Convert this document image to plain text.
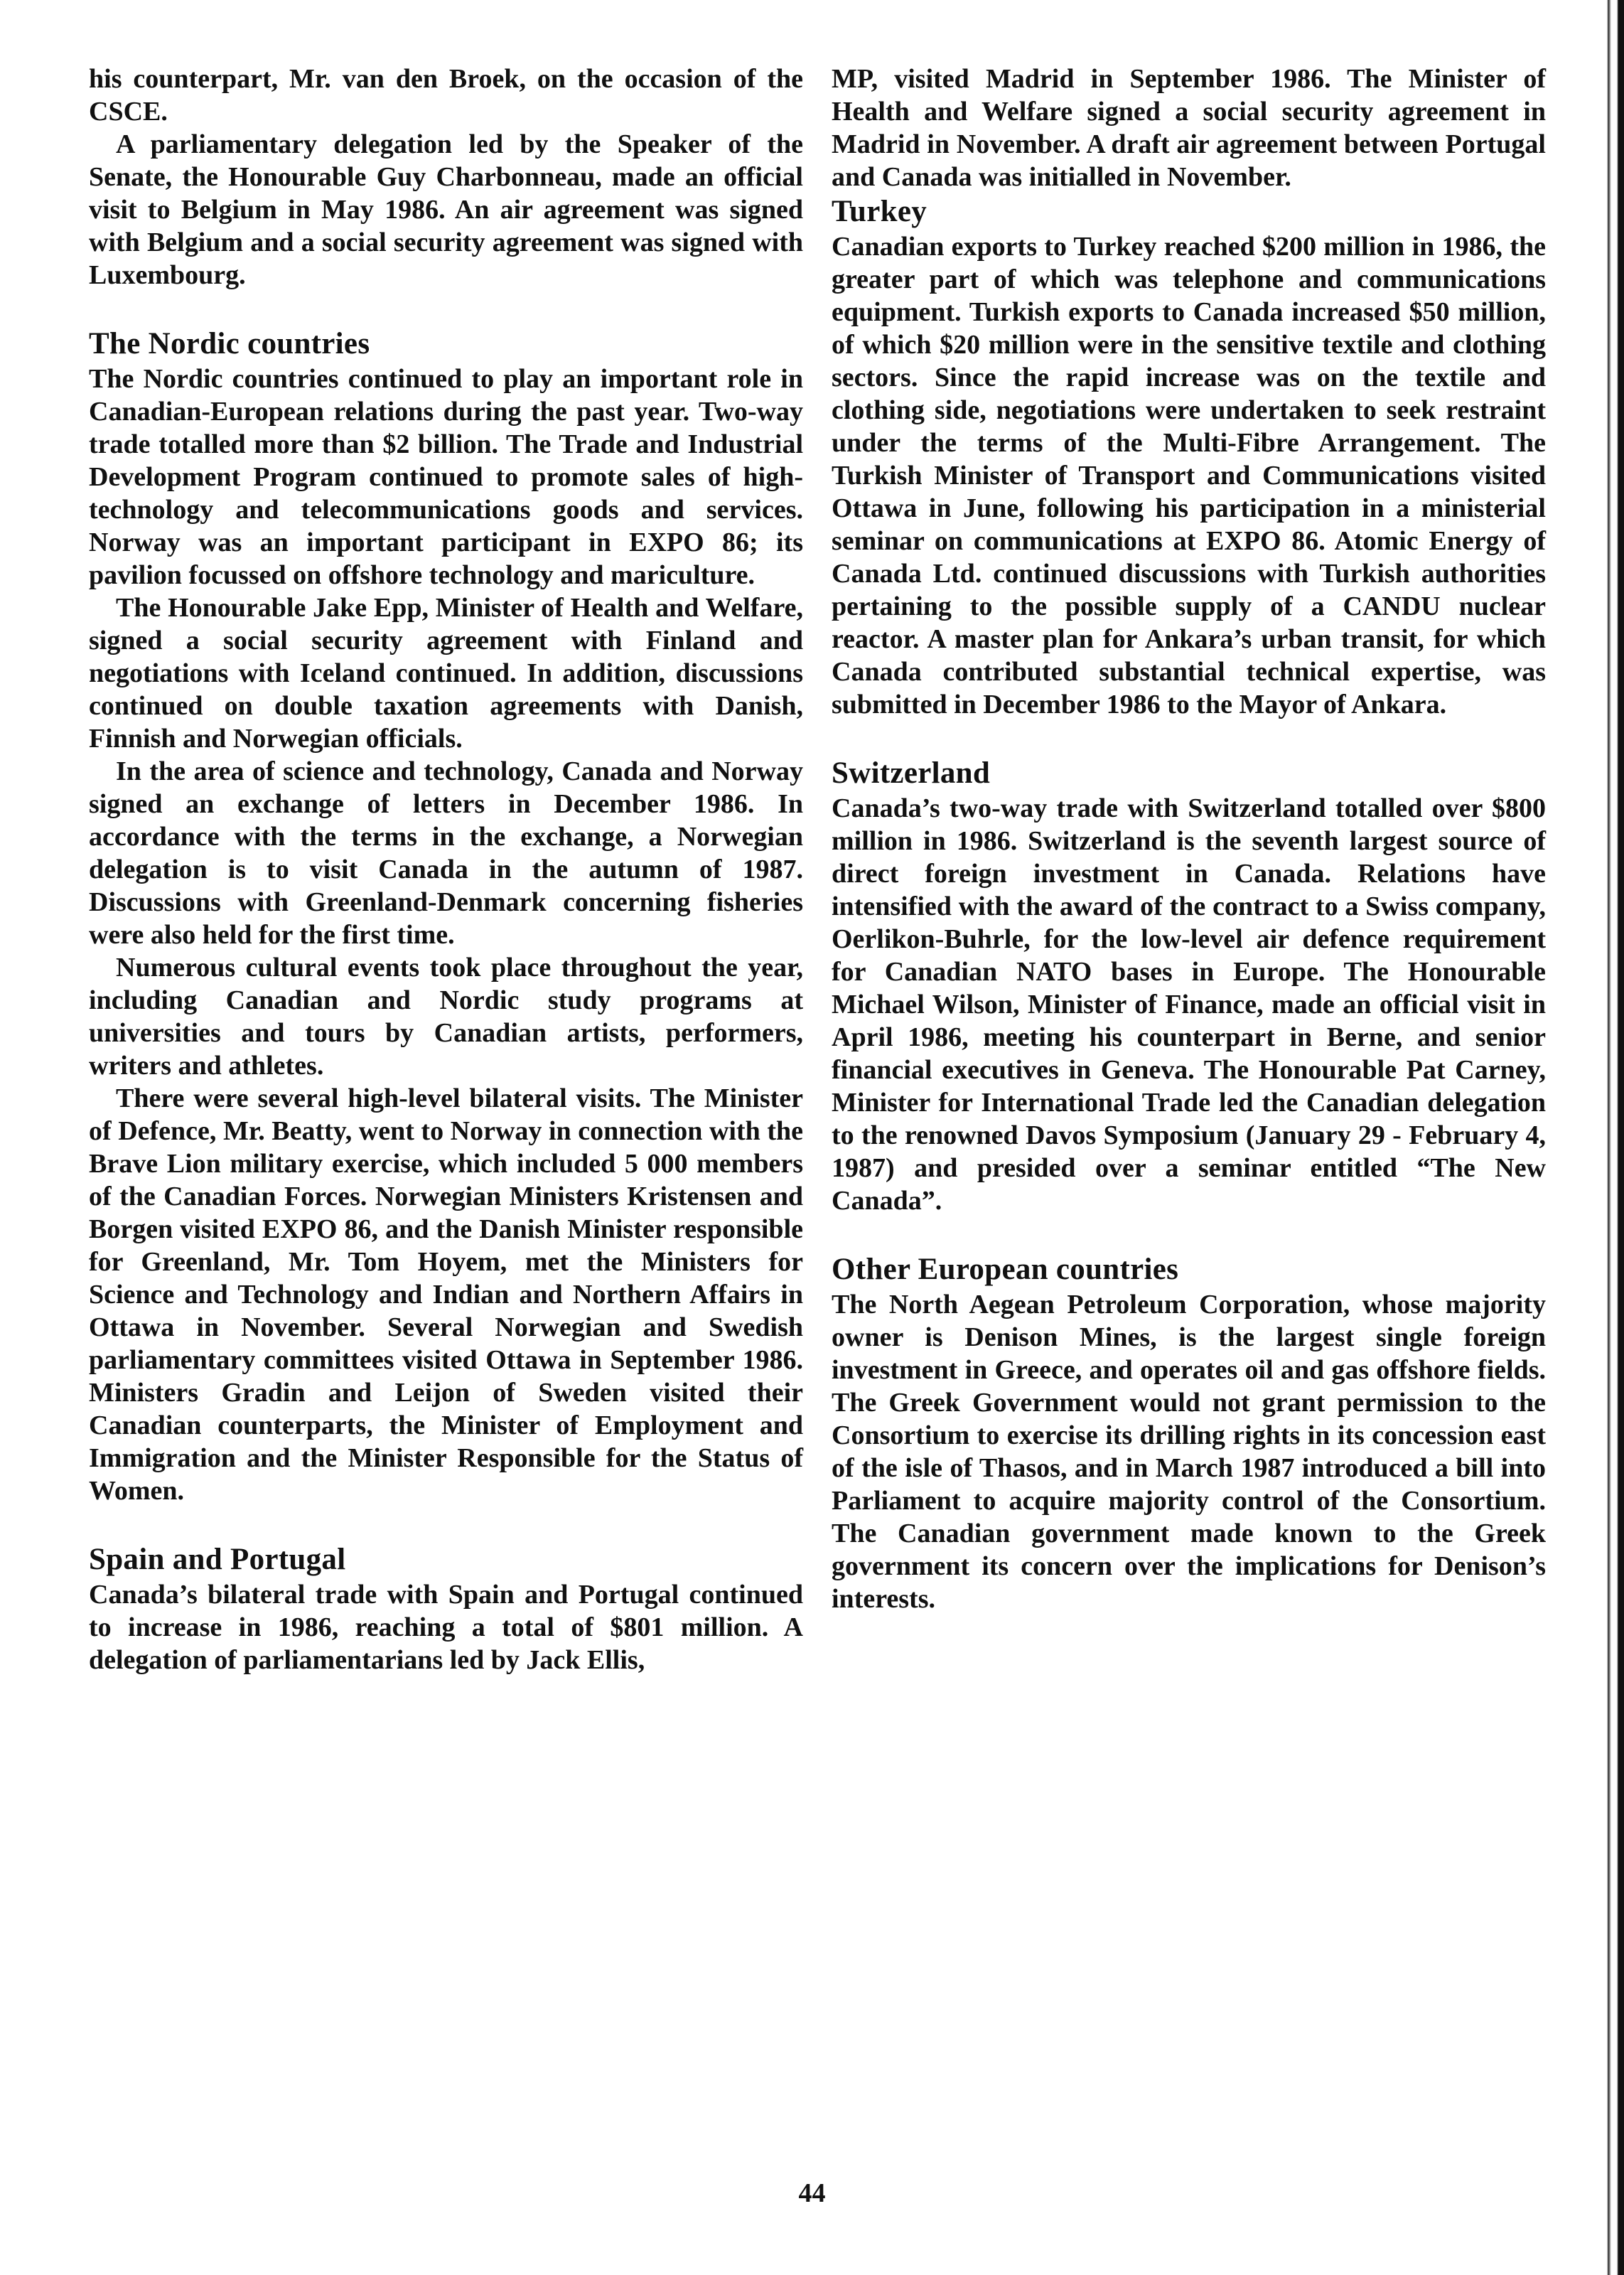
his counterpart, Mr. van den Broek, on the occasion of the CSCE.

A parliamentary delegation led by the Speaker of the Senate, the Honourable Guy Charbonneau, made an official visit to Belgium in May 1986. An air agreement was signed with Belgium and a social security agreement was signed with Luxembourg.

The Nordic countries

The Nordic countries continued to play an important role in Canadian-European relations during the past year. Two-way trade totalled more than $2 billion. The Trade and Industrial Development Program continued to promote sales of high-technology and telecommunications goods and services. Norway was an important participant in EXPO 86; its pavilion focussed on offshore technology and mariculture.

The Honourable Jake Epp, Minister of Health and Welfare, signed a social security agreement with Finland and negotiations with Iceland continued. In addition, discussions continued on double taxation agreements with Danish, Finnish and Norwegian officials.

In the area of science and technology, Canada and Norway signed an exchange of letters in December 1986. In accordance with the terms in the exchange, a Norwegian delegation is to visit Canada in the autumn of 1987. Discussions with Greenland-Denmark concerning fisheries were also held for the first time.

Numerous cultural events took place throughout the year, including Canadian and Nordic study programs at universities and tours by Canadian artists, performers, writers and athletes.

There were several high-level bilateral visits. The Minister of Defence, Mr. Beatty, went to Norway in connection with the Brave Lion military exercise, which included 5 000 members of the Canadian Forces. Norwegian Ministers Kristensen and Borgen visited EXPO 86, and the Danish Minister responsible for Greenland, Mr. Tom Hoyem, met the Ministers for Science and Technology and Indian and Northern Affairs in Ottawa in November. Several Norwegian and Swedish parliamentary committees visited Ottawa in September 1986. Ministers Gradin and Leijon of Sweden visited their Canadian counterparts, the Minister of Employment and Immigration and the Minister Responsible for the Status of Women.

Spain and Portugal

Canada’s bilateral trade with Spain and Portugal continued to increase in 1986, reaching a total of $801 million. A delegation of parliamentarians led by Jack Ellis,

MP, visited Madrid in September 1986. The Minister of Health and Welfare signed a social security agreement in Madrid in November. A draft air agreement between Portugal and Canada was initialled in November.

Turkey

Canadian exports to Turkey reached $200 million in 1986, the greater part of which was telephone and communications equipment. Turkish exports to Canada increased $50 million, of which $20 million were in the sensitive textile and clothing sectors. Since the rapid increase was on the textile and clothing side, negotiations were undertaken to seek restraint under the terms of the Multi-Fibre Arrangement. The Turkish Minister of Transport and Communications visited Ottawa in June, following his participation in a ministerial seminar on communications at EXPO 86. Atomic Energy of Canada Ltd. continued discussions with Turkish authorities pertaining to the possible supply of a CANDU nuclear reactor. A master plan for Ankara’s urban transit, for which Canada contributed substantial technical expertise, was submitted in December 1986 to the Mayor of Ankara.

Switzerland

Canada’s two-way trade with Switzerland totalled over $800 million in 1986. Switzerland is the seventh largest source of direct foreign investment in Canada. Relations have intensified with the award of the contract to a Swiss company, Oerlikon-Buhrle, for the low-level air defence requirement for Canadian NATO bases in Europe. The Honourable Michael Wilson, Minister of Finance, made an official visit in April 1986, meeting his counterpart in Berne, and senior financial executives in Geneva. The Honourable Pat Carney, Minister for International Trade led the Canadian delegation to the renowned Davos Symposium (January 29 - February 4, 1987) and presided over a seminar entitled “The New Canada”.

Other European countries

The North Aegean Petroleum Corporation, whose majority owner is Denison Mines, is the largest single foreign investment in Greece, and operates oil and gas offshore fields. The Greek Government would not grant permission to the Consortium to exercise its drilling rights in its concession east of the isle of Thasos, and in March 1987 introduced a bill into Parliament to acquire majority control of the Consortium. The Canadian government made known to the Greek government its concern over the implications for Denison’s interests.

44
